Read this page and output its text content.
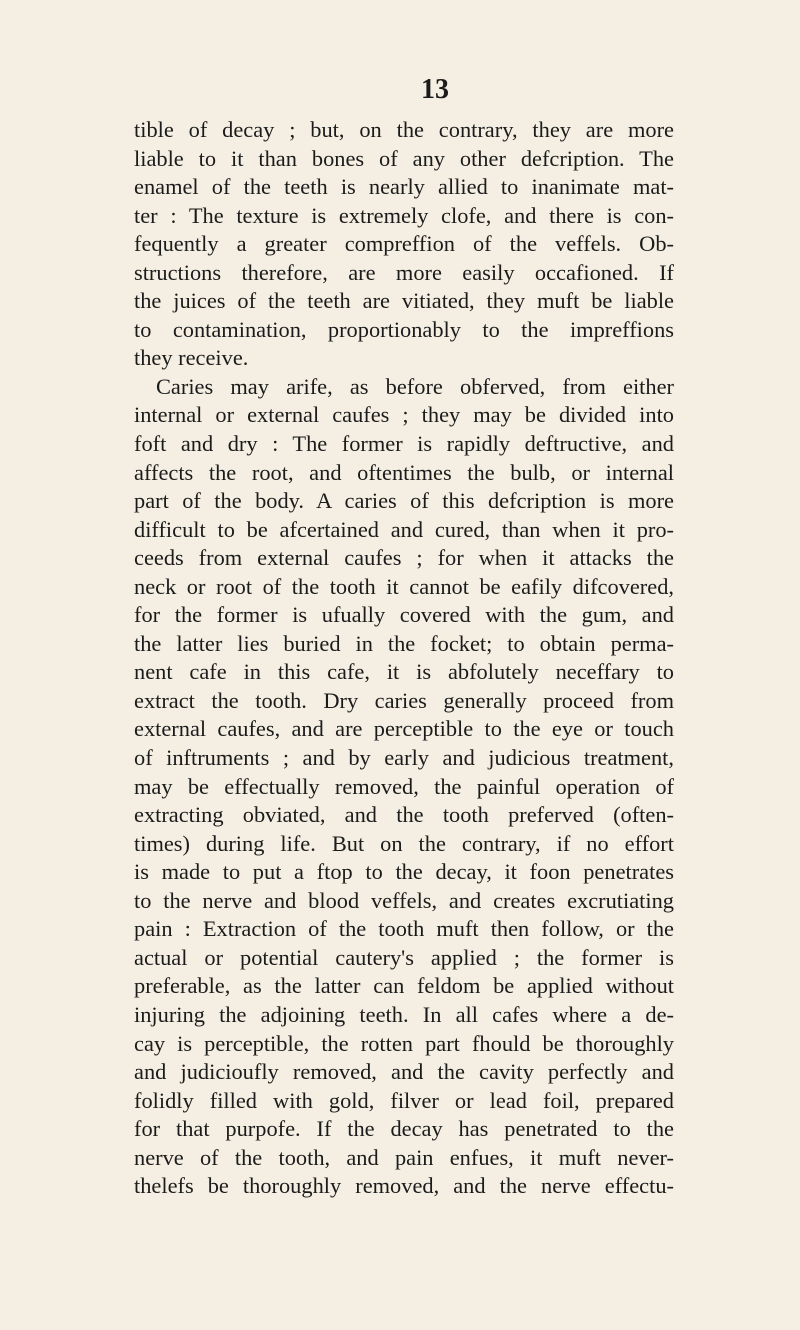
13
tible of decay ; but, on the contrary, they are more
liable to it than bones of any other defcription. The
enamel of the teeth is nearly allied to inanimate mat-
ter : The texture is extremely clofe, and there is con-
fequently a greater compreffion of the veffels. Ob-
structions therefore, are more easily occafioned. If
the juices of the teeth are vitiated, they muft be liable
to contamination, proportionably to the impreffions
they receive.
Caries may arife, as before obferved, from either
internal or external caufes ; they may be divided into
foft and dry : The former is rapidly deftructive, and
affects the root, and oftentimes the bulb, or internal
part of the body. A caries of this defcription is more
difficult to be afcertained and cured, than when it pro-
ceeds from external caufes ; for when it attacks the
neck or root of the tooth it cannot be eafily difcovered,
for the former is ufually covered with the gum, and
the latter lies buried in the focket; to obtain perma-
nent cafe in this cafe, it is abfolutely neceffary to
extract the tooth. Dry caries generally proceed from
external caufes, and are perceptible to the eye or touch
of inftruments ; and by early and judicious treatment,
may be effectually removed, the painful operation of
extracting obviated, and the tooth preferved (often-
times) during life. But on the contrary, if no effort
is made to put a ftop to the decay, it foon penetrates
to the nerve and blood veffels, and creates excrutiating
pain : Extraction of the tooth muft then follow, or the
actual or potential cautery's applied ; the former is
preferable, as the latter can feldom be applied without
injuring the adjoining teeth. In all cafes where a de-
cay is perceptible, the rotten part fhould be thoroughly
and judicioufly removed, and the cavity perfectly and
folidly filled with gold, filver or lead foil, prepared
for that purpofe. If the decay has penetrated to the
nerve of the tooth, and pain enfues, it muft never-
thelefs be thoroughly removed, and the nerve effectu-
